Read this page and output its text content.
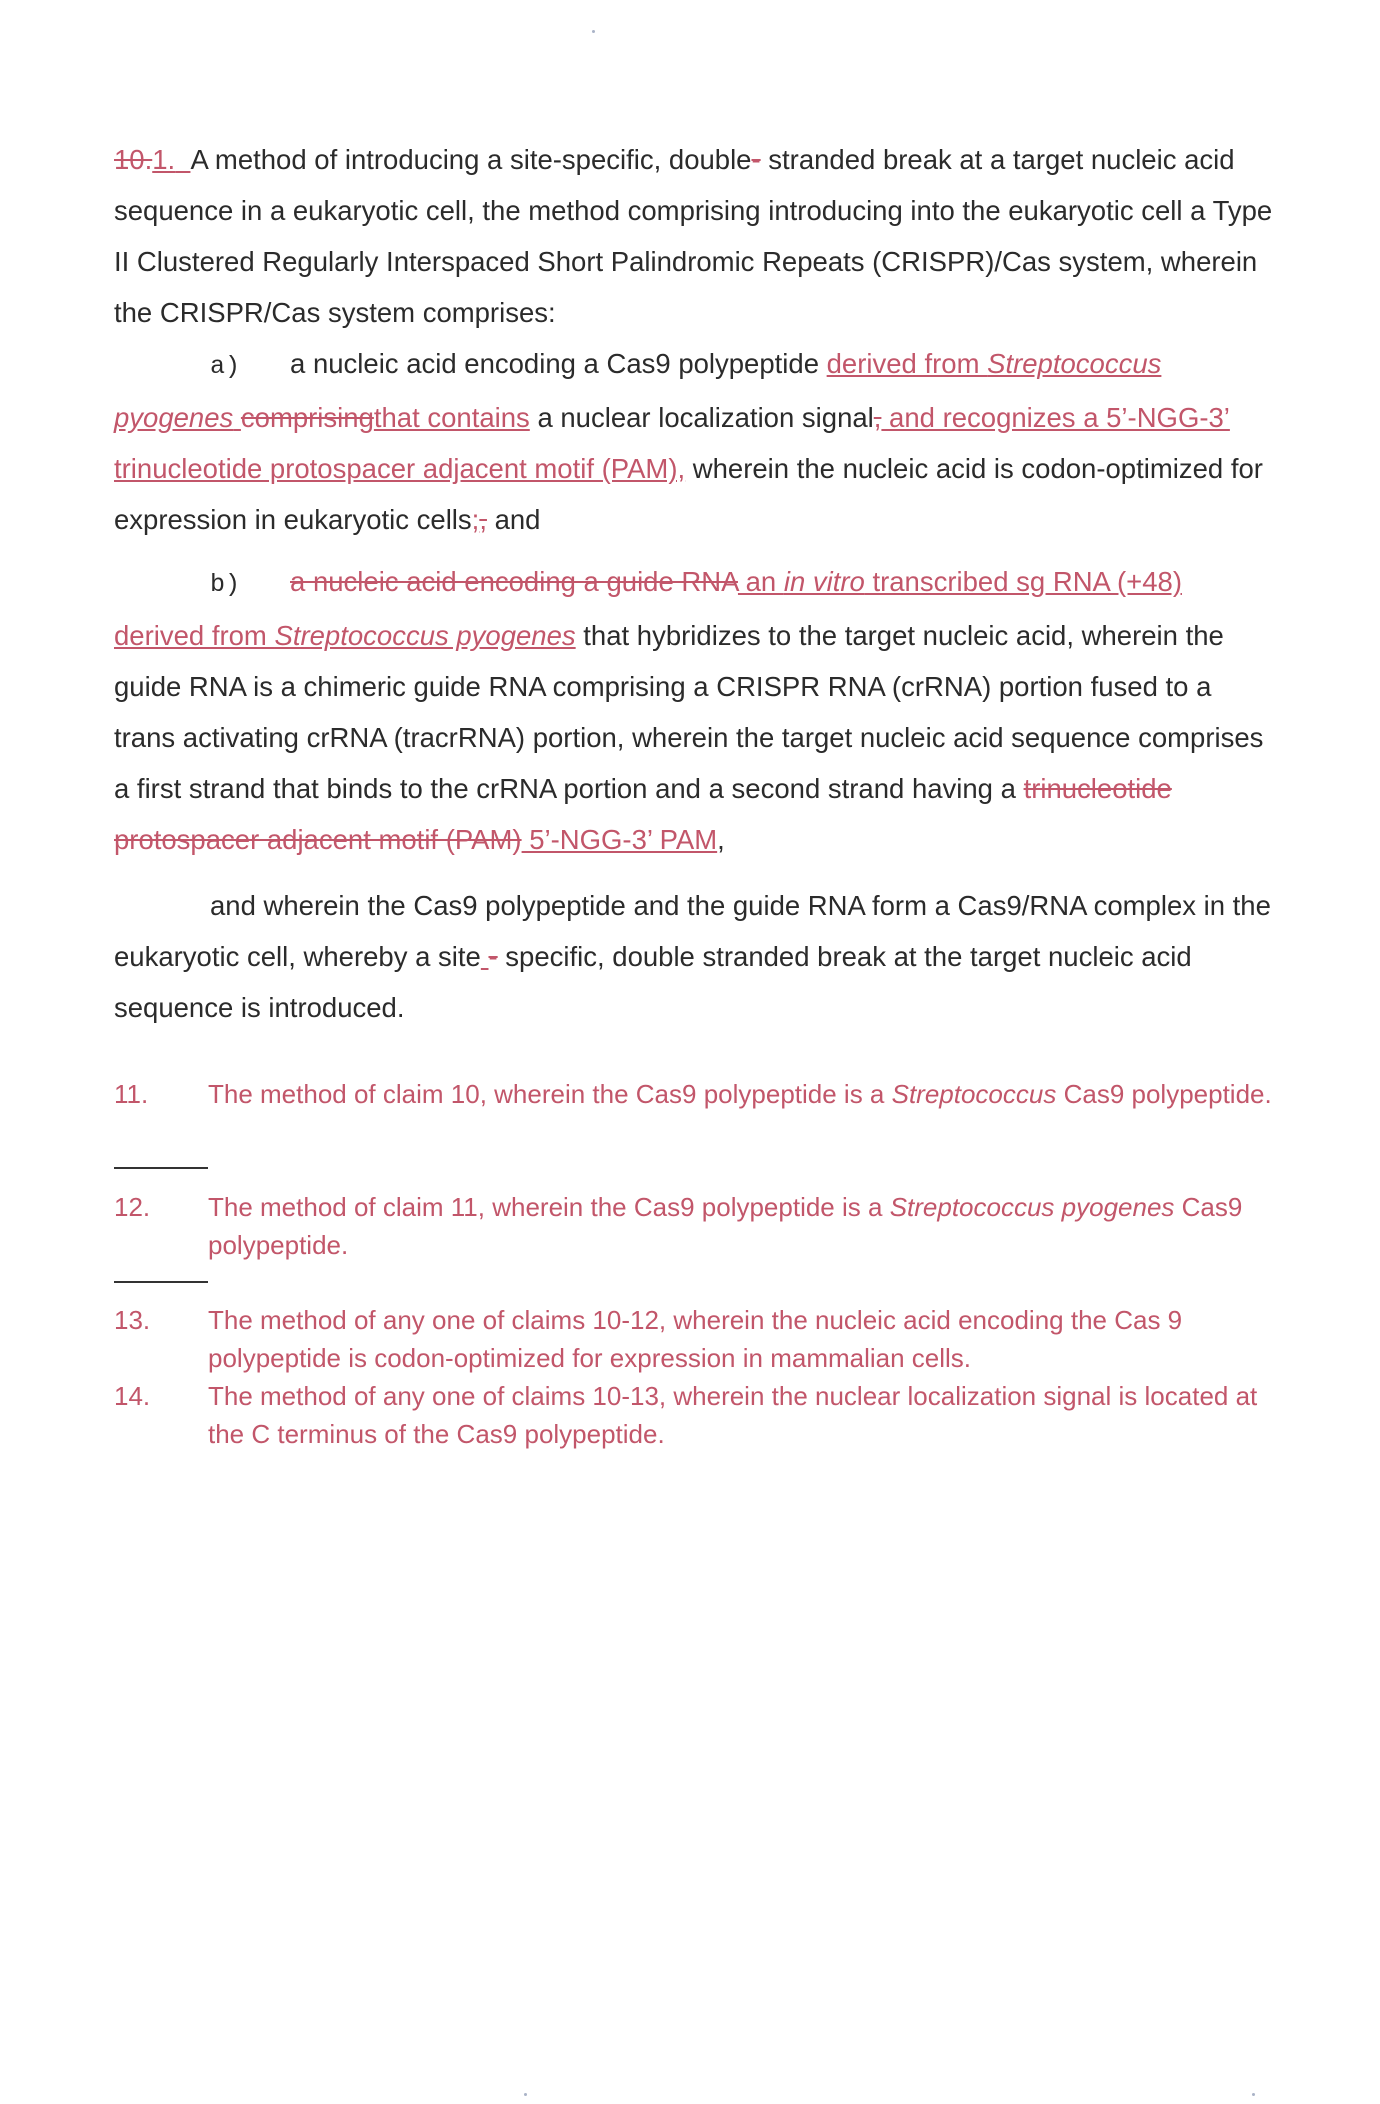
10.1. A method of introducing a site-specific, double- stranded break at a target nucleic acid sequence in a eukaryotic cell, the method comprising introducing into the eukaryotic cell a Type II Clustered Regularly Interspaced Short Palindromic Repeats (CRISPR)/Cas system, wherein the CRISPR/Cas system comprises:
a) a nucleic acid encoding a Cas9 polypeptide derived from Streptococcus pyogenes comprisingthat contains a nuclear localization signal, and recognizes a 5’-NGG-3’ trinucleotide protospacer adjacent motif (PAM), wherein the nucleic acid is codon-optimized for expression in eukaryotic cells;, and
b) a nucleic acid encoding a guide RNA an in vitro transcribed sg RNA (+48) derived from Streptococcus pyogenes that hybridizes to the target nucleic acid, wherein the guide RNA is a chimeric guide RNA comprising a CRISPR RNA (crRNA) portion fused to a trans activating crRNA (tracrRNA) portion, wherein the target nucleic acid sequence comprises a first strand that binds to the crRNA portion and a second strand having a trinucleotide protospacer adjacent motif (PAM) 5’-NGG-3’ PAM,
and wherein the Cas9 polypeptide and the guide RNA form a Cas9/RNA complex in the eukaryotic cell, whereby a site - specific, double stranded break at the target nucleic acid sequence is introduced.
11. The method of claim 10, wherein the Cas9 polypeptide is a Streptococcus Cas9 polypeptide.
12. The method of claim 11, wherein the Cas9 polypeptide is a Streptococcus pyogenes Cas9 polypeptide.
13. The method of any one of claims 10-12, wherein the nucleic acid encoding the Cas 9 polypeptide is codon-optimized for expression in mammalian cells.
14. The method of any one of claims 10-13, wherein the nuclear localization signal is located at the C terminus of the Cas9 polypeptide.
